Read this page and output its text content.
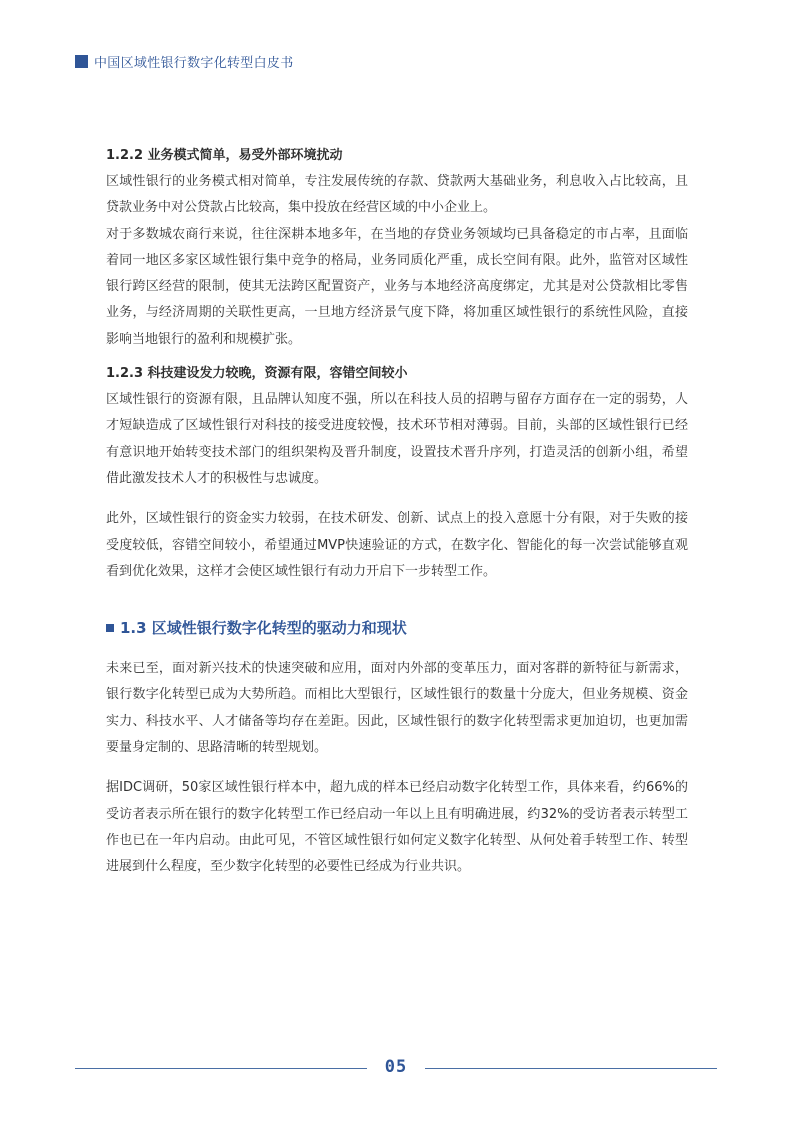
中国区域性银行数字化转型白皮书
1.2.2 业务模式简单，易受外部环境扰动

区域性银行的业务模式相对简单，专注发展传统的存款、贷款两大基础业务，利息收入占比较高，且贷款业务中对公贷款占比较高，集中投放在经营区域的中小企业上。

对于多数城农商行来说，往往深耕本地多年，在当地的存贷业务领域均已具备稳定的市占率，且面临着同一地区多家区域性银行集中竞争的格局，业务同质化严重，成长空间有限。此外，监管对区域性银行跨区经营的限制，使其无法跨区配置资产，业务与本地经济高度绑定，尤其是对公贷款相比零售业务，与经济周期的关联性更高，一旦地方经济景气度下降，将加重区域性银行的系统性风险，直接影响当地银行的盈利和规模扩张。

1.2.3 科技建设发力较晚，资源有限，容错空间较小

区域性银行的资源有限，且品牌认知度不强，所以在科技人员的招聘与留存方面存在一定的弱势，人才短缺造成了区域性银行对科技的接受进度较慢，技术环节相对薄弱。目前，头部的区域性银行已经有意识地开始转变技术部门的组织架构及晋升制度，设置技术晋升序列，打造灵活的创新小组，希望借此激发技术人才的积极性与忠诚度。

此外，区域性银行的资金实力较弱，在技术研发、创新、试点上的投入意愿十分有限，对于失败的接受度较低，容错空间较小，希望通过MVP快速验证的方式，在数字化、智能化的每一次尝试能够直观看到优化效果，这样才会使区域性银行有动力开启下一步转型工作。

1.3 区域性银行数字化转型的驱动力和现状

未来已至，面对新兴技术的快速突破和应用，面对内外部的变革压力，面对客群的新特征与新需求，银行数字化转型已成为大势所趋。而相比大型银行，区域性银行的数量十分庞大，但业务规模、资金实力、科技水平、人才储备等均存在差距。因此，区域性银行的数字化转型需求更加迫切，也更加需要量身定制的、思路清晰的转型规划。

据IDC调研，50家区域性银行样本中，超九成的样本已经启动数字化转型工作，具体来看，约66%的受访者表示所在银行的数字化转型工作已经启动一年以上且有明确进展，约32%的受访者表示转型工作也已在一年内启动。由此可见，不管区域性银行如何定义数字化转型、从何处着手转型工作、转型进展到什么程度，至少数字化转型的必要性已经成为行业共识。

05
